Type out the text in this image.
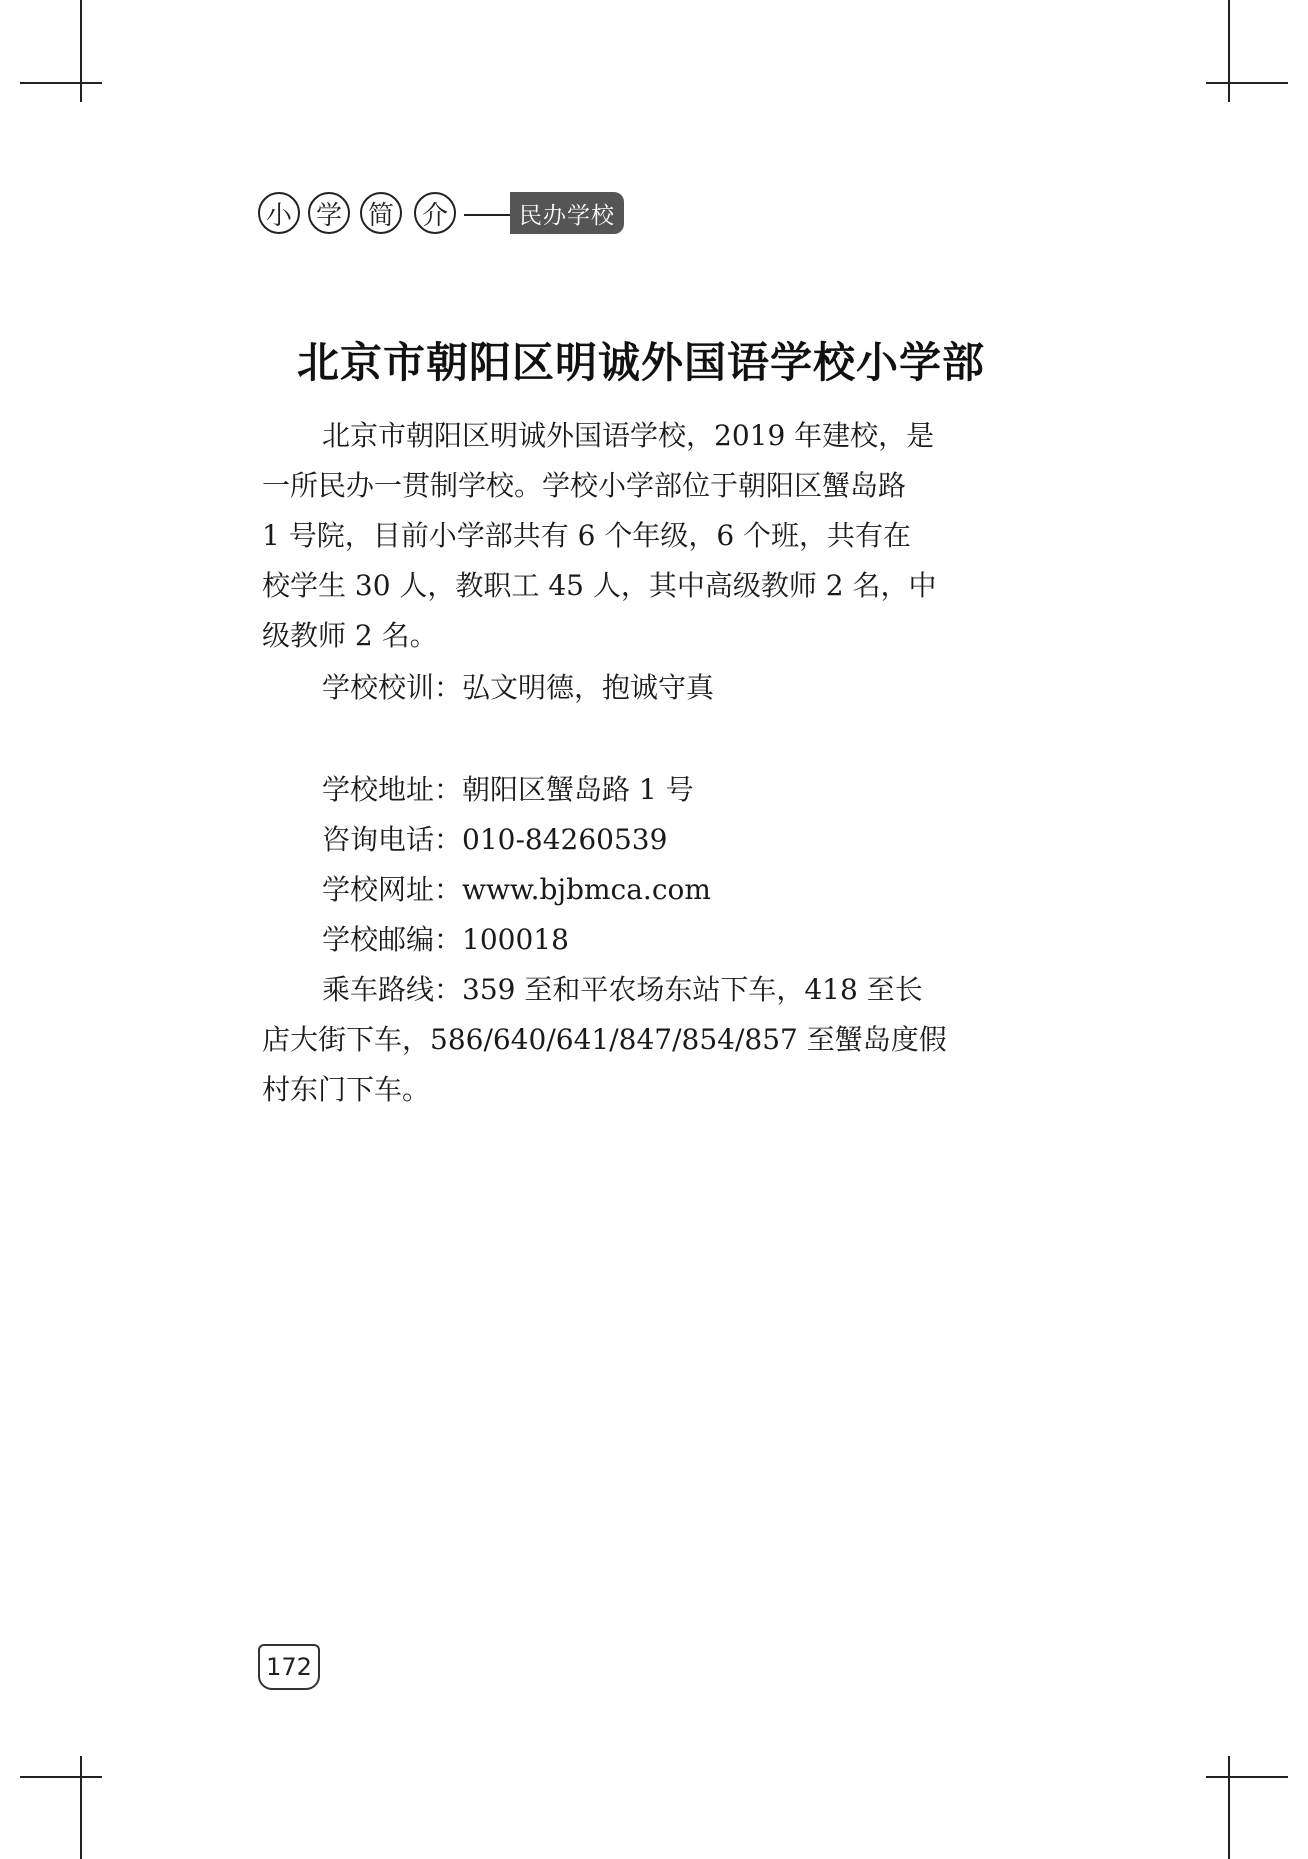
小 学 简	介	民办学校
北京市朝阳区明诚外国语学校小学部
北京市朝阳区明诚外国语学校，2019 年建校，是
一所民办一贯制学校。学校小学部位于朝阳区蟹岛路
1 号院，目前小学部共有 6 个年级，6 个班，共有在
校学生 30 人，教职工 45 人，其中高级教师 2 名，中
级教师 2 名。
学校校训：弘文明德，抱诚守真
学校地址：朝阳区蟹岛路 1 号
咨询电话：010-84260539
学校网址：www.bjbmca.com
学校邮编：100018
乘车路线：359 至和平农场东站下车，418 至长
店大街下车，586/640/641/847/854/857 至蟹岛度假
村东门下车。
172
